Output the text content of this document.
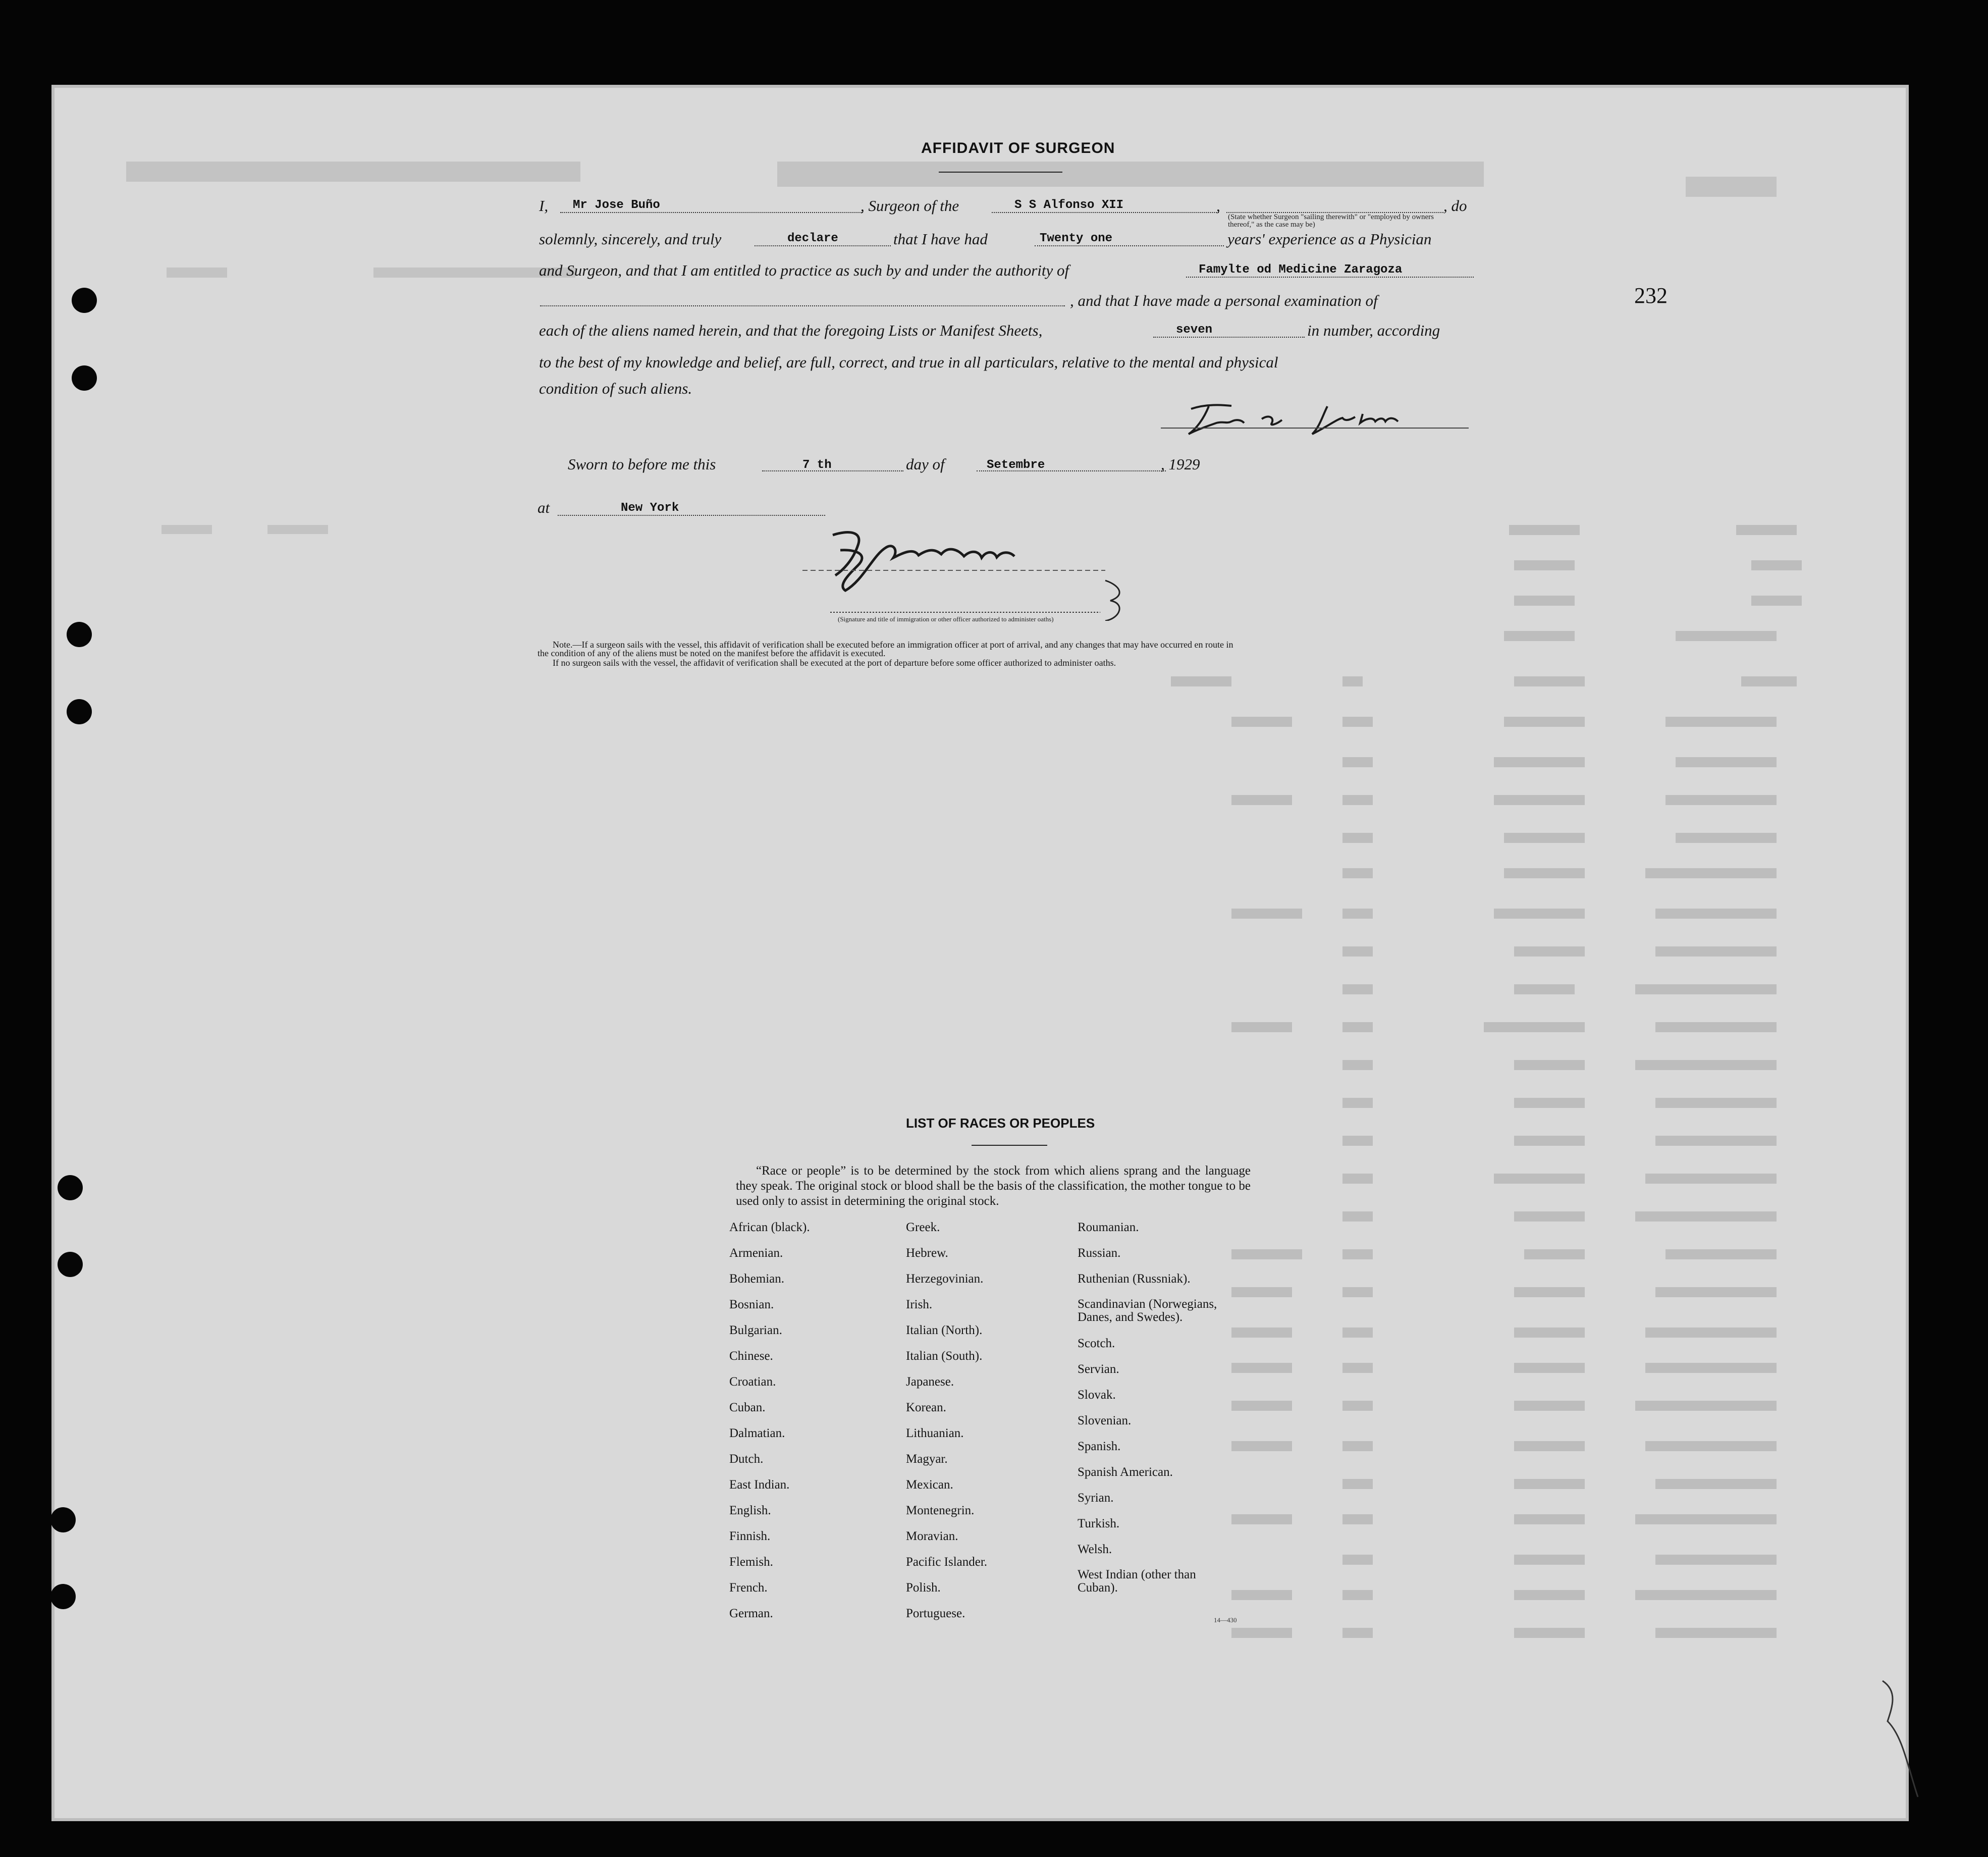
232
AFFIDAVIT OF SURGEON
I, Mr Jose Buño	, Surgeon of the	S S Alfonso XII	,
(State whether Surgeon "sailing therewith" or "employed by owners thereof," as the case may be)
, do
solemnly, sincerely, and truly	declare	that I have had	Twenty one	years' experience as a Physician
and Surgeon, and that I am entitled to practice as such by and under the authority of	Famylte od Medicine Zaragoza
, and that I have made a personal examination of
each of the aliens named herein, and that the foregoing Lists or Manifest Sheets,	seven	in number, according
to the best of my knowledge and belief, are full, correct, and true in all particulars, relative to the mental and physical
condition of such aliens.
Sworn to before me this	7 th	day of	Setembre	, 1929
at	New York
(Signature and title of immigration or other officer authorized to administer oaths)
Note.—If a surgeon sails with the vessel, this affidavit of verification shall be executed before an immigration officer at port of arrival, and any changes that may have occurred en route in
the condition of any of the aliens must be noted on the manifest before the affidavit is executed.
If no surgeon sails with the vessel, the affidavit of verification shall be executed at the port of departure before some officer authorized to administer oaths.
LIST OF RACES OR PEOPLES
“Race or people” is to be determined by the stock from which aliens sprang and the language they speak. The original stock or blood shall be the basis of the classification, the mother tongue to be used only to assist in determining the original stock.
African (black).
Armenian.
Bohemian.
Bosnian.
Bulgarian.
Chinese.
Croatian.
Cuban.
Dalmatian.
Dutch.
East Indian.
English.
Finnish.
Flemish.
French.
German.
Greek.
Hebrew.
Herzegovinian.
Irish.
Italian (North).
Italian (South).
Japanese.
Korean.
Lithuanian.
Magyar.
Mexican.
Montenegrin.
Moravian.
Pacific Islander.
Polish.
Portuguese.
Roumanian.
Russian.
Ruthenian (Russniak).
Scandinavian (Norwegians, Danes, and Swedes).
Scotch.
Servian.
Slovak.
Slovenian.
Spanish.
Spanish American.
Syrian.
Turkish.
Welsh.
West Indian (other than Cuban).
14—430
